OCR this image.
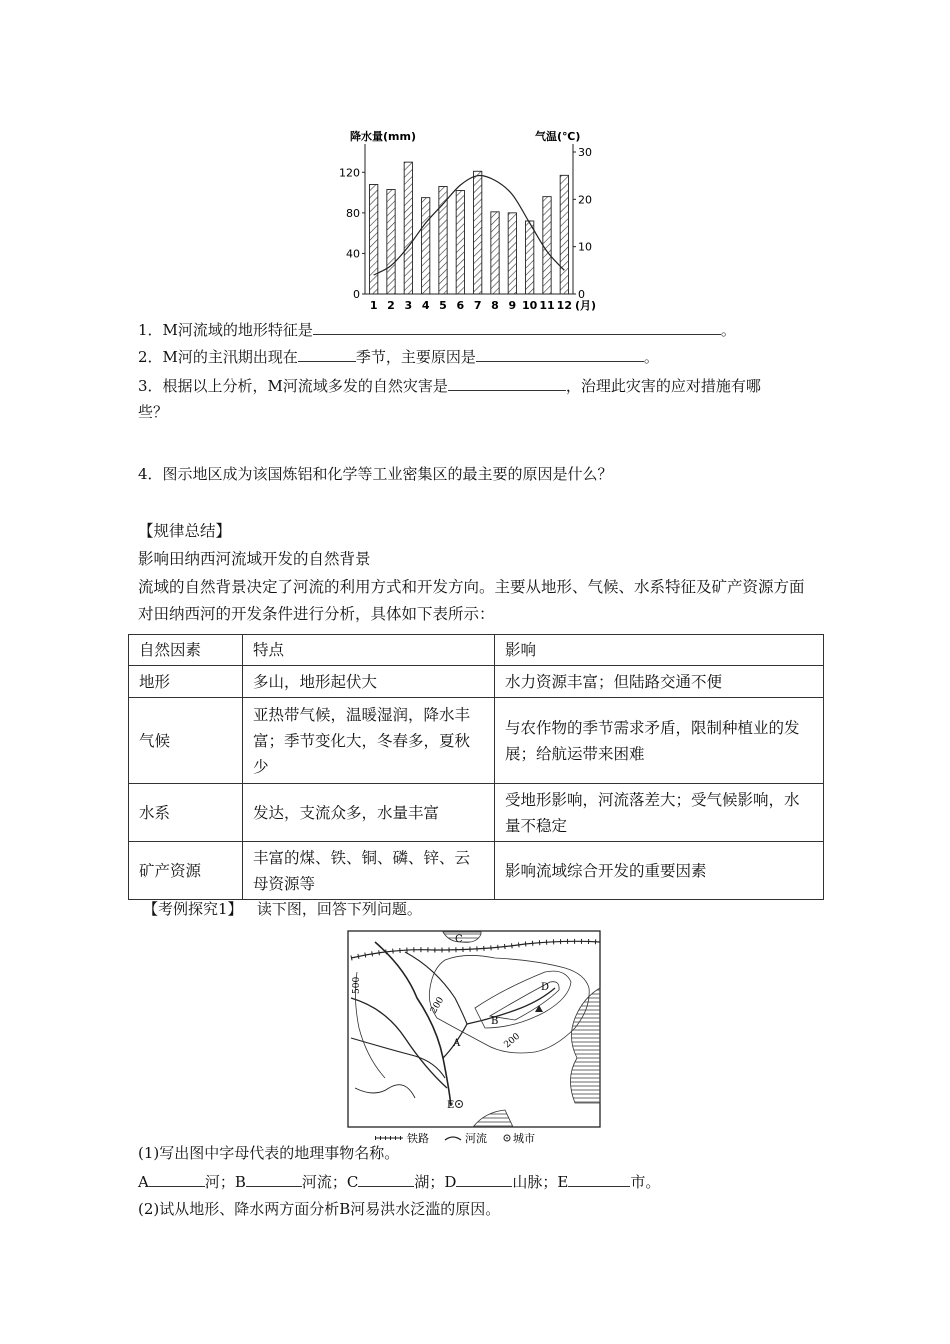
降水量(mm)	气温(℃)
0
40
80
120
0
10
20
30
1 2 3 4 5 6 7 8 9 10 11 12 (月)
1．M河流域的地形特征是	。
2．M河的主汛期出现在	季节，主要原因是	。
3．根据以上分析，M河流域多发的自然灾害是	，治理此灾害的应对措施有哪
些？
4．图示地区成为该国炼铝和化学等工业密集区的最主要的原因是什么？
【规律总结】
影响田纳西河流域开发的自然背景
流域的自然背景决定了河流的利用方式和开发方向。主要从地形、气候、水系特征及矿产资源方面对田纳西河的开发条件进行分析，具体如下表所示：
自然因素	特点	影响
地形	多山，地形起伏大	水力资源丰富；但陆路交通不便
气候	亚热带气候，温暖湿润，降水丰富；季节变化大，冬春多，夏秋少	与农作物的季节需求矛盾，限制种植业的发展；给航运带来困难
水系	发达，支流众多，水量丰富	受地形影响，河流落差大；受气候影响，水量不稳定
矿产资源	丰富的煤、铁、铜、磷、锌、云母资源等	影响流域综合开发的重要因素
【考例探究1】 读下图，回答下列问题。
C
A
B
D
E
500
200
200
铁路	河流 城市
(1)写出图中字母代表的地理事物名称。
A	河；B	河流；C	湖；D	山脉；E	市。
(2)试从地形、降水两方面分析B河易洪水泛滥的原因。
